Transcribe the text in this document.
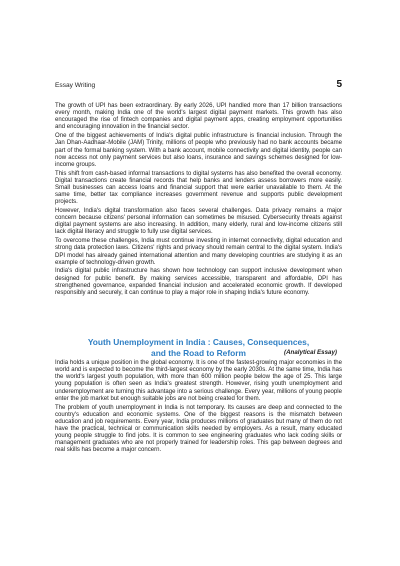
Essay Writing	5

The growth of UPI has been extraordinary. By early 2026, UPI handled more than 17 billion transactions every month, making India one of the world's largest digital payment markets. This growth has also encouraged the rise of fintech companies and digital payment apps, creating employment opportunities and encouraging innovation in the financial sector.

One of the biggest achievements of India's digital public infrastructure is financial inclusion. Through the Jan Dhan-Aadhaar-Mobile (JAM) Trinity, millions of people who previously had no bank accounts became part of the formal banking system. With a bank account, mobile connectivity and digital identity, people can now access not only payment services but also loans, insurance and savings schemes designed for low-income groups.

This shift from cash-based informal transactions to digital systems has also benefited the overall economy. Digital transactions create financial records that help banks and lenders assess borrowers more easily. Small businesses can access loans and financial support that were earlier unavailable to them. At the same time, better tax compliance increases government revenue and supports public development projects.

However, India's digital transformation also faces several challenges. Data privacy remains a major concern because citizens' personal information can sometimes be misused. Cybersecurity threats against digital payment systems are also increasing. In addition, many elderly, rural and low-income citizens still lack digital literacy and struggle to fully use digital services.

To overcome these challenges, India must continue investing in internet connectivity, digital education and strong data protection laws. Citizens' rights and privacy should remain central to the digital system. India's DPI model has already gained international attention and many developing countries are studying it as an example of technology-driven growth.

India's digital public infrastructure has shown how technology can support inclusive development when designed for public benefit. By making services accessible, transparent and affordable, DPI has strengthened governance, expanded financial inclusion and accelerated economic growth. If developed responsibly and securely, it can continue to play a major role in shaping India's future economy.

Youth Unemployment in India : Causes, Consequences,
and the Road to Reform	(Analytical Essay)

India holds a unique position in the global economy. It is one of the fastest-growing major economies in the world and is expected to become the third-largest economy by the early 2030s. At the same time, India has the world's largest youth population, with more than 600 million people below the age of 25. This large young population is often seen as India's greatest strength. However, rising youth unemployment and underemployment are turning this advantage into a serious challenge. Every year, millions of young people enter the job market but enough suitable jobs are not being created for them.

The problem of youth unemployment in India is not temporary. Its causes are deep and connected to the country's education and economic systems. One of the biggest reasons is the mismatch between education and job requirements. Every year, India produces millions of graduates but many of them do not have the practical, technical or communication skills needed by employers. As a result, many educated young people struggle to find jobs. It is common to see engineering graduates who lack coding skills or management graduates who are not properly trained for leadership roles. This gap between degrees and real skills has become a major concern.
